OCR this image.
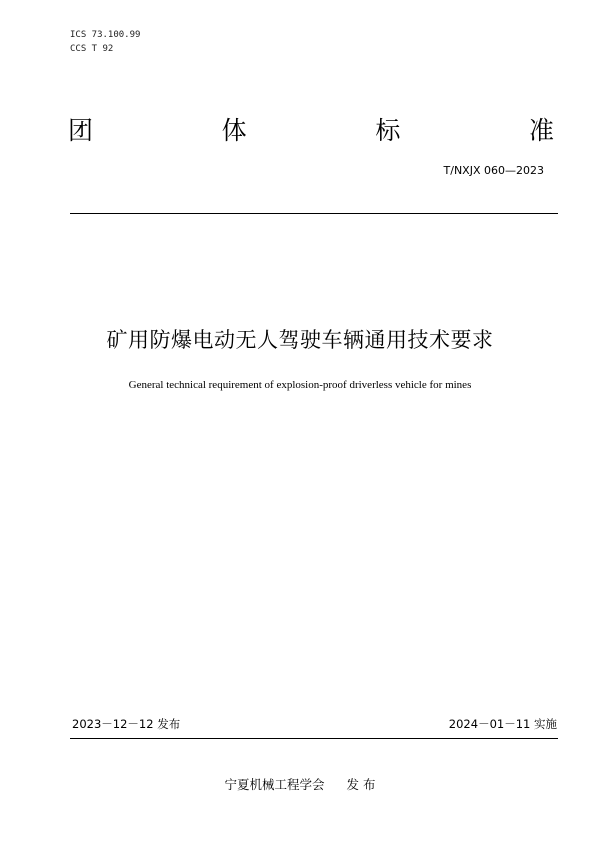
ICS 73.100.99
CCS T 92
团	体	标	准
T/NXJX 060—2023
矿用防爆电动无人驾驶车辆通用技术要求
General technical requirement of explosion-proof driverless vehicle for mines
2023－12－12 发布	2024－01－11 实施
宁夏机械工程学会 发 布
